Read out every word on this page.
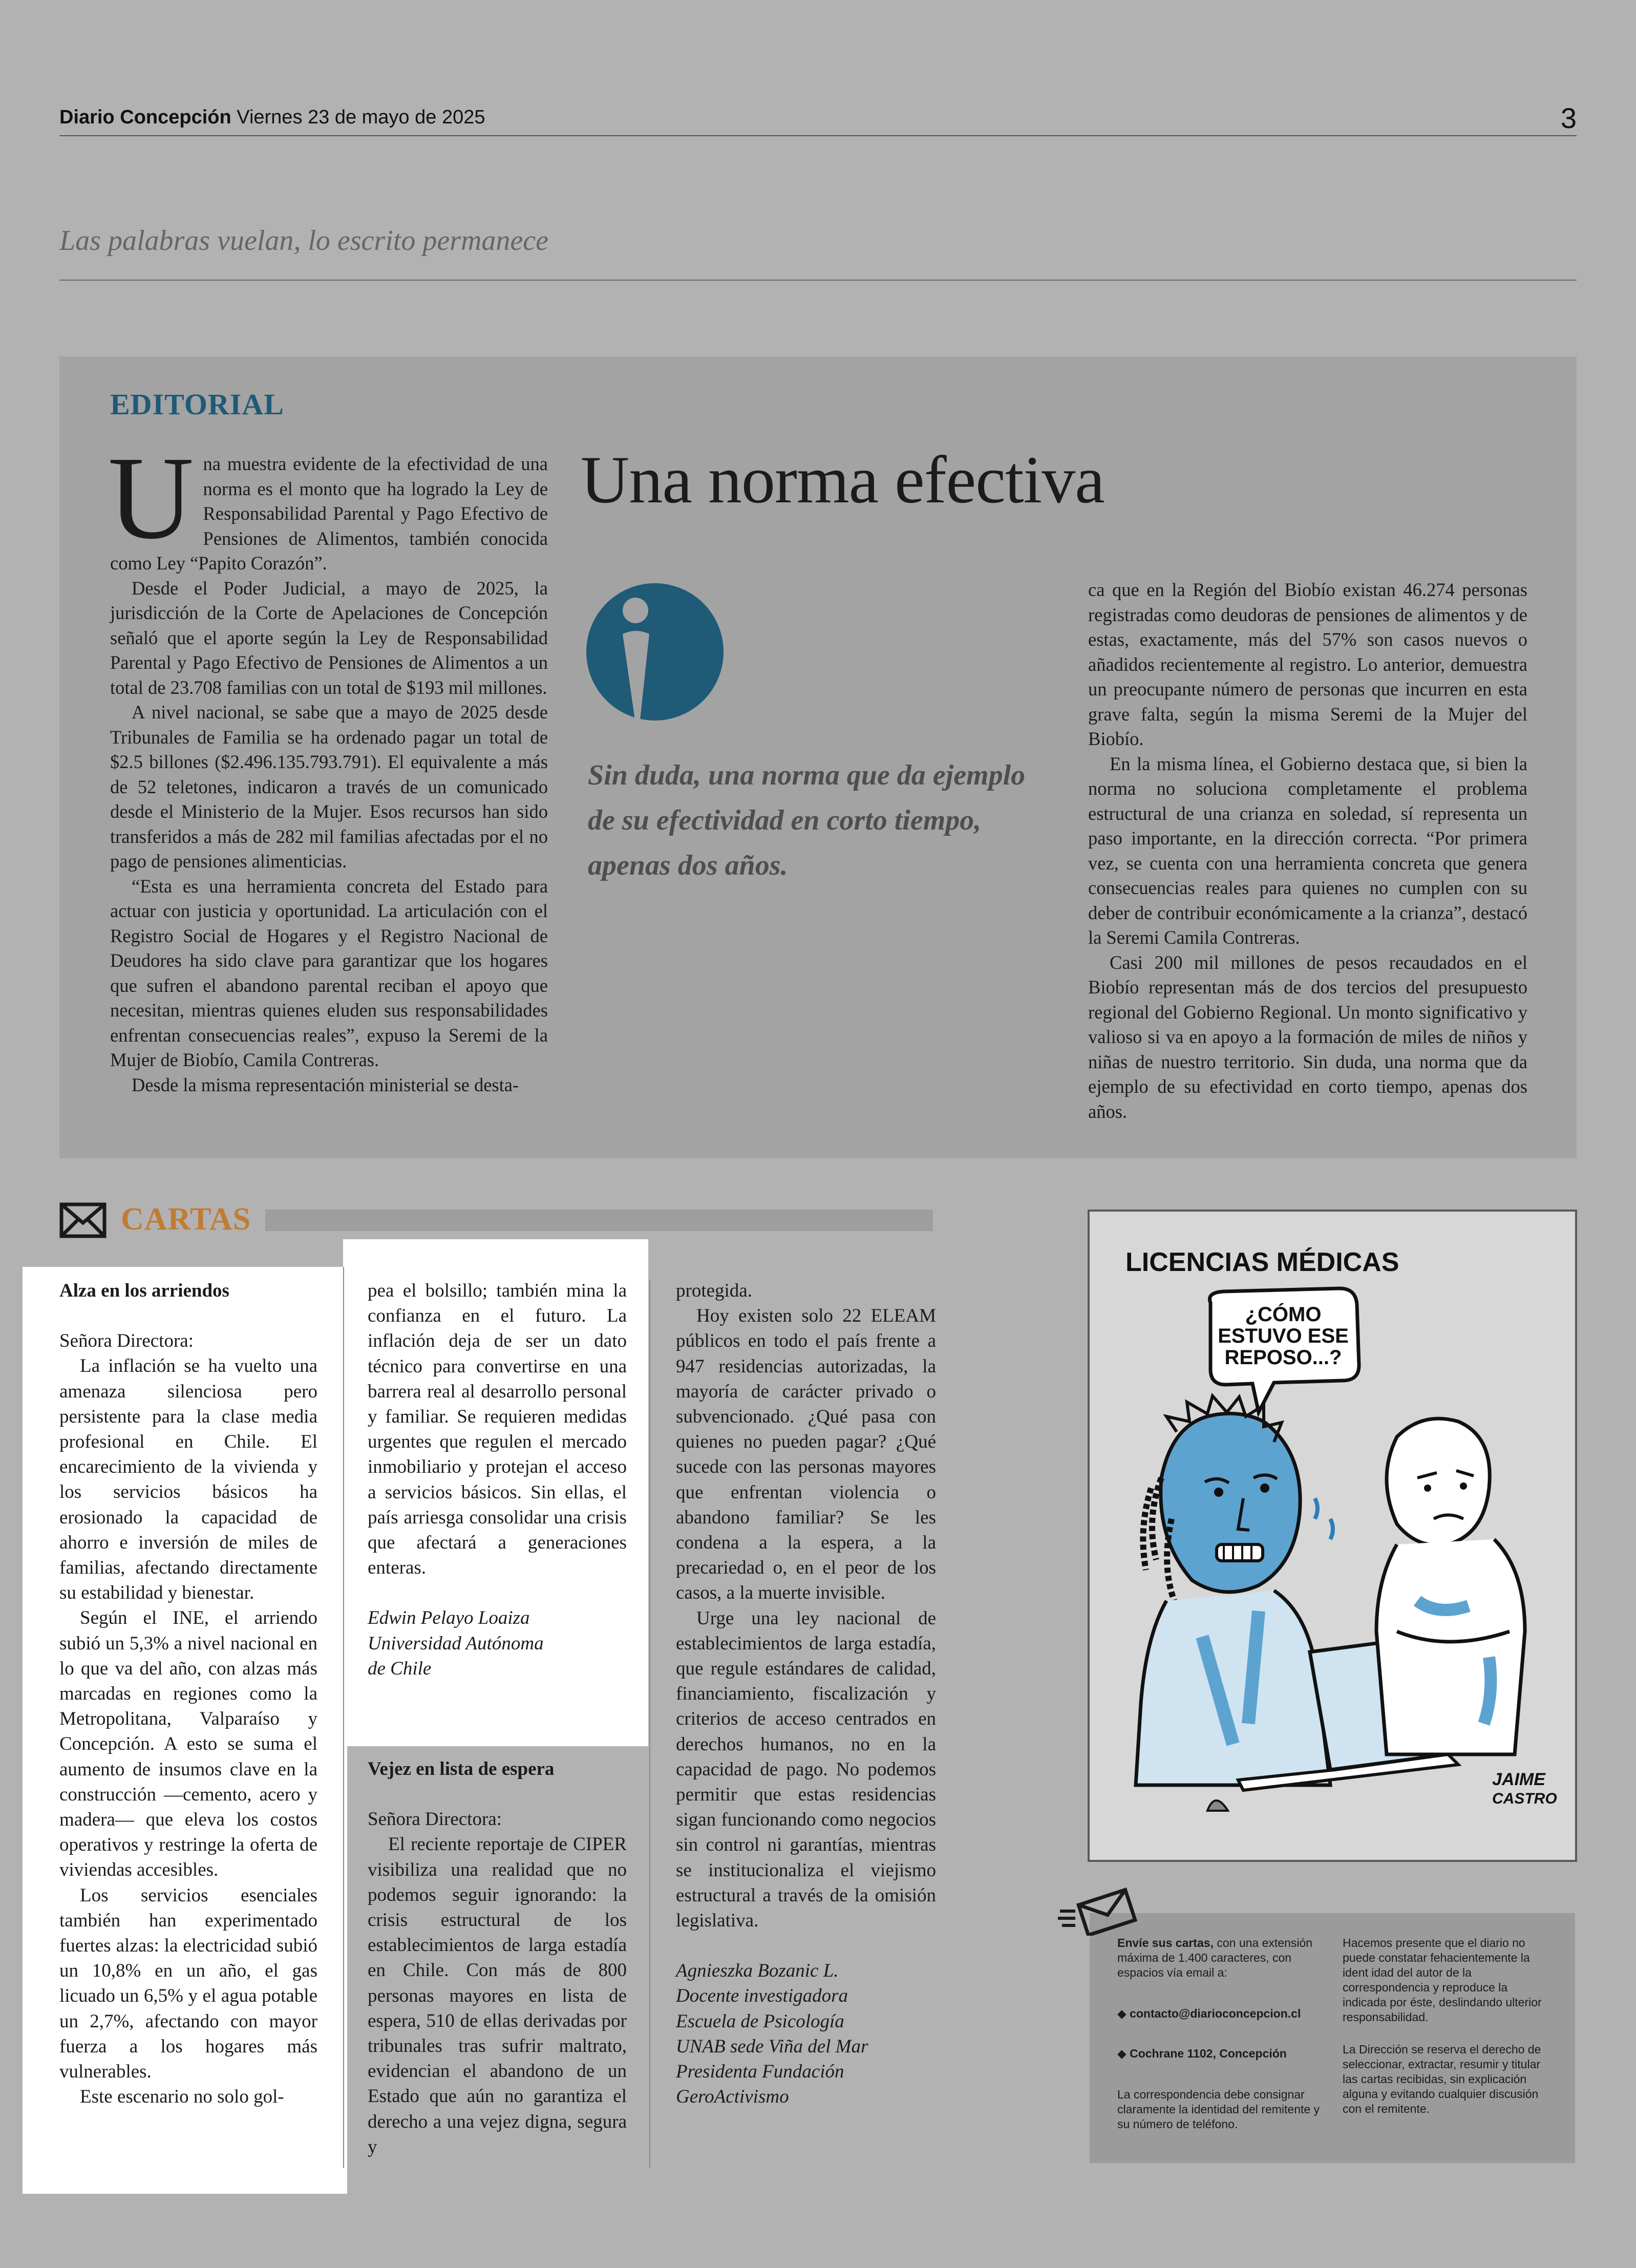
Diario Concepción Viernes 23 de mayo de 2025	3
Las palabras vuelan, lo escrito permanece
EDITORIAL

Una muestra evidente de la efectividad de una norma es el monto que ha logrado la Ley de Responsabilidad Parental y Pago Efectivo de Pensiones de Alimentos, también conocida como Ley “Papito Corazón”.

Desde el Poder Judicial, a mayo de 2025, la jurisdicción de la Corte de Apelaciones de Concepción señaló que el aporte según la Ley de Responsabilidad Parental y Pago Efectivo de Pensiones de Alimentos a un total de 23.708 familias con un total de $193 mil millones.

A nivel nacional, se sabe que a mayo de 2025 desde Tribunales de Familia se ha ordenado pagar un total de $2.5 billones ($2.496.135.793.791). El equivalente a más de 52 teletones, indicaron a través de un comunicado desde el Ministerio de la Mujer. Esos recursos han sido transferidos a más de 282 mil familias afectadas por el no pago de pensiones alimenticias.

“Esta es una herramienta concreta del Estado para actuar con justicia y oportunidad. La articulación con el Registro Social de Hogares y el Registro Nacional de Deudores ha sido clave para garantizar que los hogares que sufren el abandono parental reciban el apoyo que necesitan, mientras quienes eluden sus responsabilidades enfrentan consecuencias reales”, expuso la Seremi de la Mujer de Biobío, Camila Contreras.

Desde la misma representación ministerial se desta-

Una norma efectiva
Sin duda, una norma que da ejemplo de su efectividad en corto tiempo, apenas dos años.

ca que en la Región del Biobío existan 46.274 personas registradas como deudoras de pensiones de alimentos y de estas, exactamente, más del 57% son casos nuevos o añadidos recientemente al registro. Lo anterior, demuestra un preocupante número de personas que incurren en esta grave falta, según la misma Seremi de la Mujer del Biobío.

En la misma línea, el Gobierno destaca que, si bien la norma no soluciona completamente el problema estructural de una crianza en soledad, sí representa un paso importante, en la dirección correcta. “Por primera vez, se cuenta con una herramienta concreta que genera consecuencias reales para quienes no cumplen con su deber de contribuir económicamente a la crianza”, destacó la Seremi Camila Contreras.

Casi 200 mil millones de pesos recaudados en el Biobío representan más de dos tercios del presupuesto regional del Gobierno Regional. Un monto significativo y valioso si va en apoyo a la formación de miles de niños y niñas de nuestro territorio. Sin duda, una norma que da ejemplo de su efectividad en corto tiempo, apenas dos años.

CARTAS

Alza en los arriendos

Señora Directora:

La inflación se ha vuelto una amenaza silenciosa pero persistente para la clase media profesional en Chile. El encarecimiento de la vivienda y los servicios básicos ha erosionado la capacidad de ahorro e inversión de miles de familias, afectando directamente su estabilidad y bienestar.

Según el INE, el arriendo subió un 5,3% a nivel nacional en lo que va del año, con alzas más marcadas en regiones como la Metropolitana, Valparaíso y Concepción. A esto se suma el aumento de insumos clave en la construcción —cemento, acero y madera— que eleva los costos operativos y restringe la oferta de viviendas accesibles.

Los servicios esenciales también han experimentado fuertes alzas: la electricidad subió un 10,8% en un año, el gas licuado un 6,5% y el agua potable un 2,7%, afectando con mayor fuerza a los hogares más vulnerables.

Este escenario no solo gol-

pea el bolsillo; también mina la confianza en el futuro. La inflación deja de ser un dato técnico para convertirse en una barrera real al desarrollo personal y familiar. Se requieren medidas urgentes que regulen el mercado inmobiliario y protejan el acceso a servicios básicos. Sin ellas, el país arriesga consolidar una crisis que afectará a generaciones enteras.

Edwin Pelayo Loaiza

Universidad Autónoma

de Chile

Vejez en lista de espera

Señora Directora:

El reciente reportaje de CIPER visibiliza una realidad que no podemos seguir ignorando: la crisis estructural de los establecimientos de larga estadía en Chile. Con más de 800 personas mayores en lista de espera, 510 de ellas derivadas por tribunales tras sufrir maltrato, evidencian el abandono de un Estado que aún no garantiza el derecho a una vejez digna, segura y

protegida.

Hoy existen solo 22 ELEAM públicos en todo el país frente a 947 residencias autorizadas, la mayoría de carácter privado o subvencionado. ¿Qué pasa con quienes no pueden pagar? ¿Qué sucede con las personas mayores que enfrentan violencia o abandono familiar? Se les condena a la espera, a la precariedad o, en el peor de los casos, a la muerte invisible.

Urge una ley nacional de establecimientos de larga estadía, que regule estándares de calidad, financiamiento, fiscalización y criterios de acceso centrados en derechos humanos, no en la capacidad de pago. No podemos permitir que estas residencias sigan funcionando como negocios sin control ni garantías, mientras se institucionaliza el viejismo estructural a través de la omisión legislativa.

Agnieszka Bozanic L.

Docente investigadora

Escuela de Psicología

UNAB sede Viña del Mar

Presidenta Fundación

GeroActivismo

LICENCIAS MÉDICAS
¿CÓMO
ESTUVO ESE
REPOSO...?
JAIME
CASTRO
Envíe sus cartas, con una extensión máxima de 1.400 caracteres, con espacios vía email a:
◆ contacto@diarioconcepcion.cl
◆ Cochrane 1102, Concepción
La correspondencia debe consignar claramente la identidad del remitente y su número de teléfono.
Hacemos presente que el diario no puede constatar fehacientemente la ident idad del autor de la correspondencia y reproduce la indicada por éste, deslindando ulterior responsabilidad.
La Dirección se reserva el derecho de seleccionar, extractar, resumir y titular las cartas recibidas, sin explicación alguna y evitando cualquier discusión con el remitente.
